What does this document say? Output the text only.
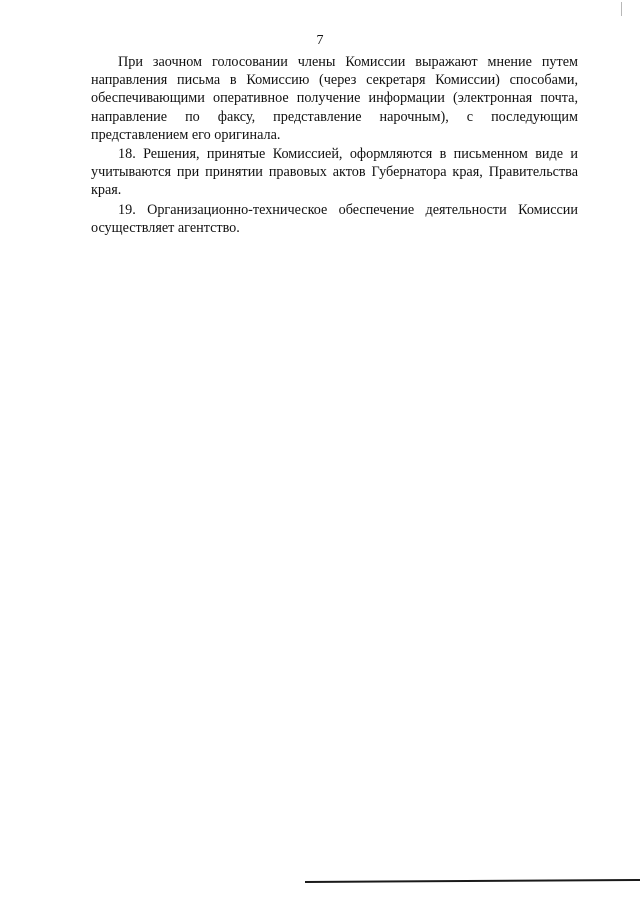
7

При заочном голосовании члены Комиссии выражают мнение путем направления письма в Комиссию (через секретаря Комиссии) способами, обеспечивающими оперативное получение информации (электронная почта, направление по факсу, представление нарочным), с последующим представлением его оригинала.

18. Решения, принятые Комиссией, оформляются в письменном виде и учитываются при принятии правовых актов Губернатора края, Правительства края.

19. Организационно-техническое обеспечение деятельности Комиссии осуществляет агентство.
